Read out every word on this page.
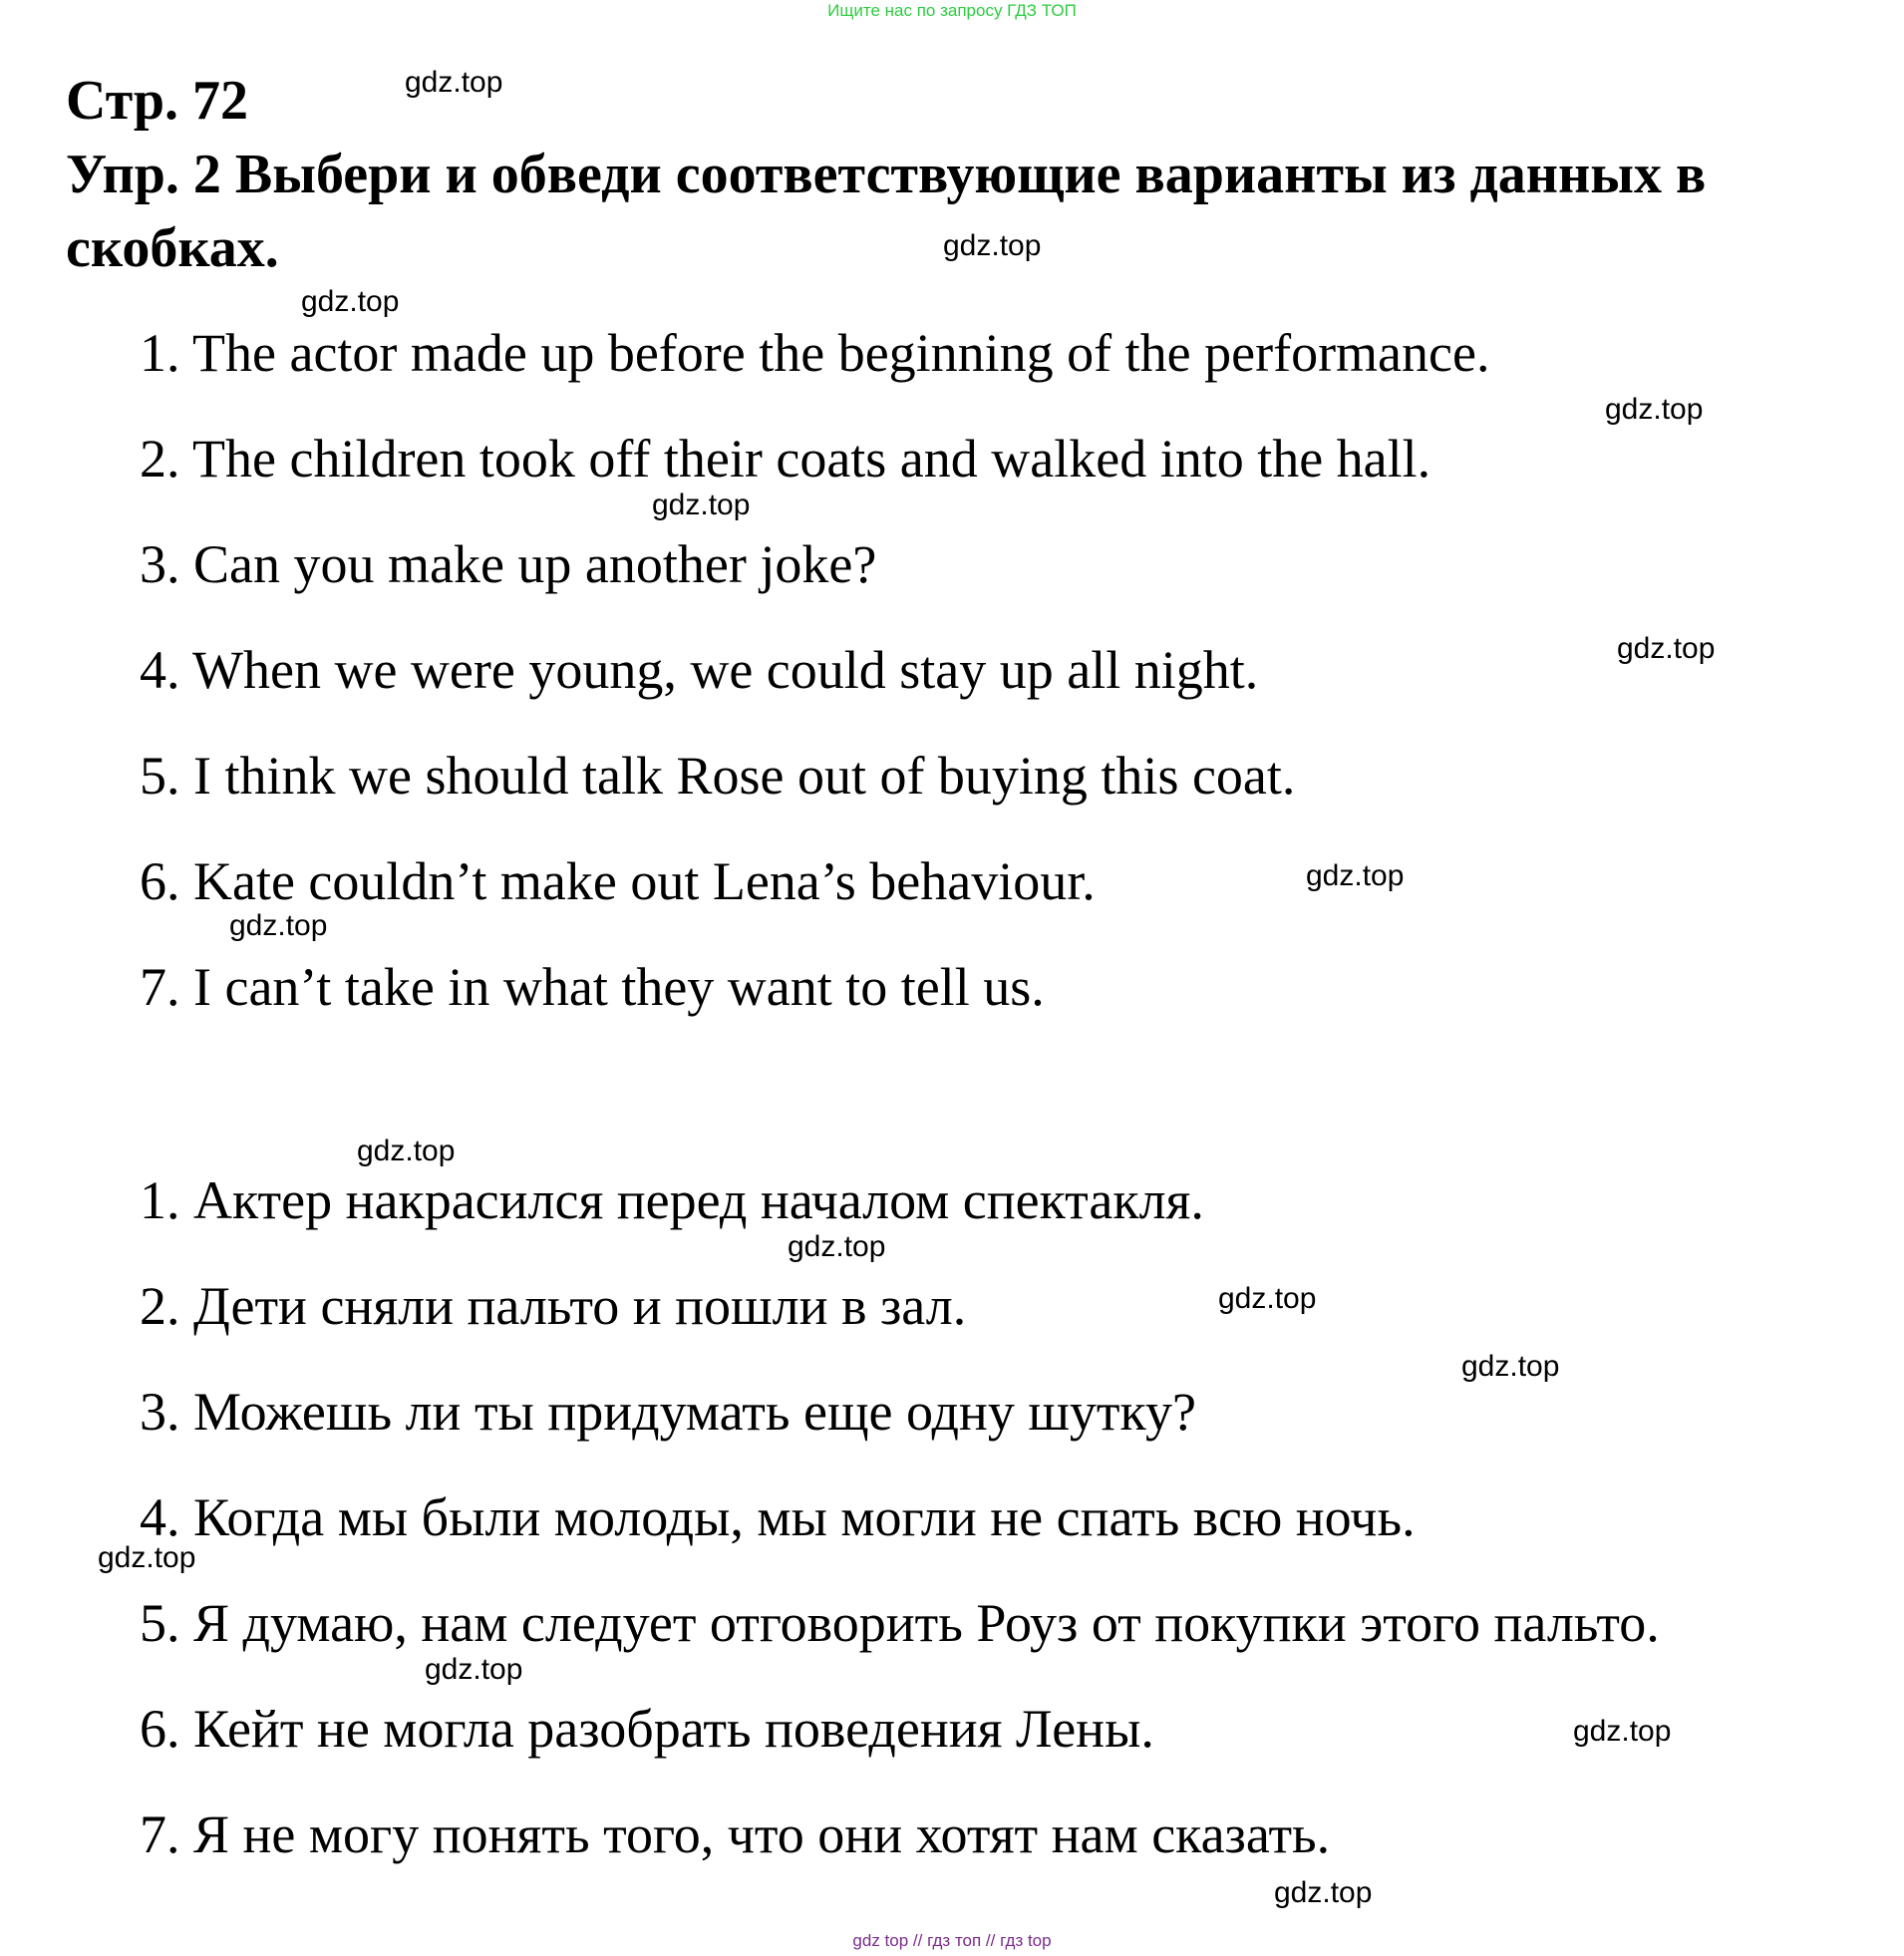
Ищите нас по запросу ГДЗ ТОП
Стр. 72
Упр. 2 Выбери и обведи соответствующие варианты из данных в скобках.
1. The actor made up before the beginning of the performance.
2. The children took off their coats and walked into the hall.
3. Can you make up another joke?
4. When we were young, we could stay up all night.
5. I think we should talk Rose out of buying this coat.
6. Kate couldn’t make out Lena’s behaviour.
7. I can’t take in what they want to tell us.
1. Актер накрасился перед началом спектакля.
2. Дети сняли пальто и пошли в зал.
3. Можешь ли ты придумать еще одну шутку?
4. Когда мы были молоды, мы могли не спать всю ночь.
5. Я думаю, нам следует отговорить Роуз от покупки этого пальто.
6. Кейт не могла разобрать поведения Лены.
7. Я не могу понять того, что они хотят нам сказать.
gdz.top
gdz.top
gdz.top
gdz.top
gdz.top
gdz.top
gdz.top
gdz.top
gdz.top
gdz.top
gdz.top
gdz.top
gdz.top
gdz.top
gdz.top
gdz.top
gdz top // гдз топ // гдз top
